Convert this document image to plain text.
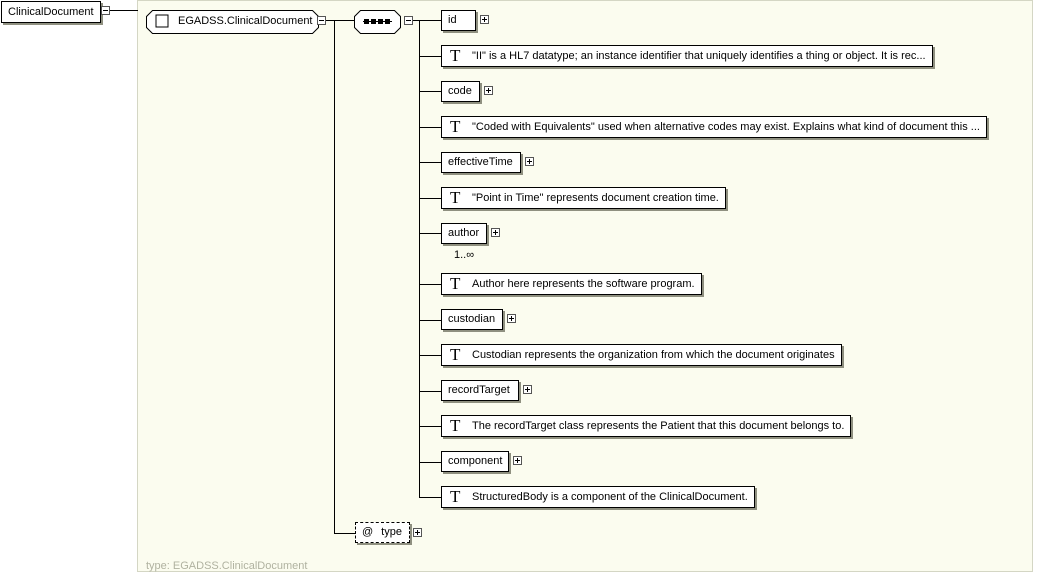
type: EGADSS.ClinicalDocument
ClinicalDocument
EGADSS.ClinicalDocument	id
T "II" is a HL7 datatype; an instance identifier that uniquely identifies a thing or object. It is rec...
code
T "Coded with Equivalents" used when alternative codes may exist. Explains what kind of document this ...
effectiveTime
T "Point in Time" represents document creation time.
author
1..∞
T Author here represents the software program.
custodian
T Custodian represents the organization from which the document originates
recordTarget
T The recordTarget class represents the Patient that this document belongs to.
component
T StructuredBody is a component of the ClinicalDocument.
@ type
